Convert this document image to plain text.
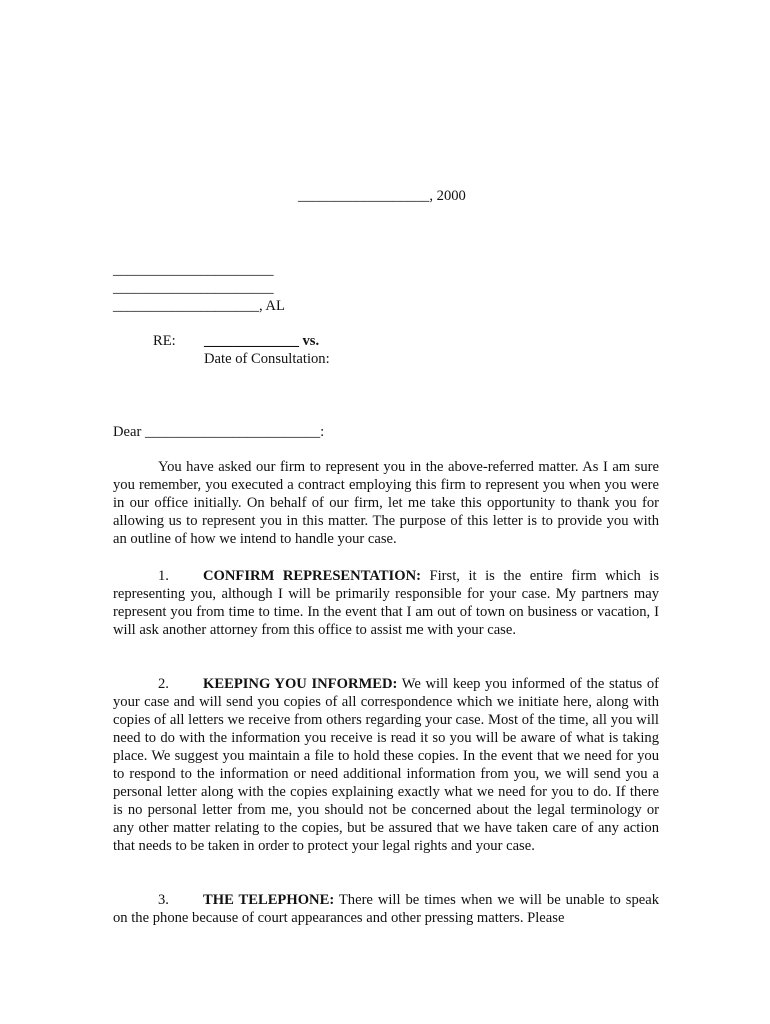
__________________, 2000
______________________
______________________
____________________, AL
RE: _____________ vs.
Date of Consultation:
Dear ________________________:
You have asked our firm to represent you in the above-referred matter. As I am sure you remember, you executed a contract employing this firm to represent you when you were in our office initially. On behalf of our firm, let me take this opportunity to thank you for allowing us to represent you in this matter. The purpose of this letter is to provide you with an outline of how we intend to handle your case.
1. CONFIRM REPRESENTATION: First, it is the entire firm which is representing you, although I will be primarily responsible for your case. My partners may represent you from time to time. In the event that I am out of town on business or vacation, I will ask another attorney from this office to assist me with your case.
2. KEEPING YOU INFORMED: We will keep you informed of the status of your case and will send you copies of all correspondence which we initiate here, along with copies of all letters we receive from others regarding your case. Most of the time, all you will need to do with the information you receive is read it so you will be aware of what is taking place. We suggest you maintain a file to hold these copies. In the event that we need for you to respond to the information or need additional information from you, we will send you a personal letter along with the copies explaining exactly what we need for you to do. If there is no personal letter from me, you should not be concerned about the legal terminology or any other matter relating to the copies, but be assured that we have taken care of any action that needs to be taken in order to protect your legal rights and your case.
3. THE TELEPHONE: There will be times when we will be unable to speak on the phone because of court appearances and other pressing matters. Please
